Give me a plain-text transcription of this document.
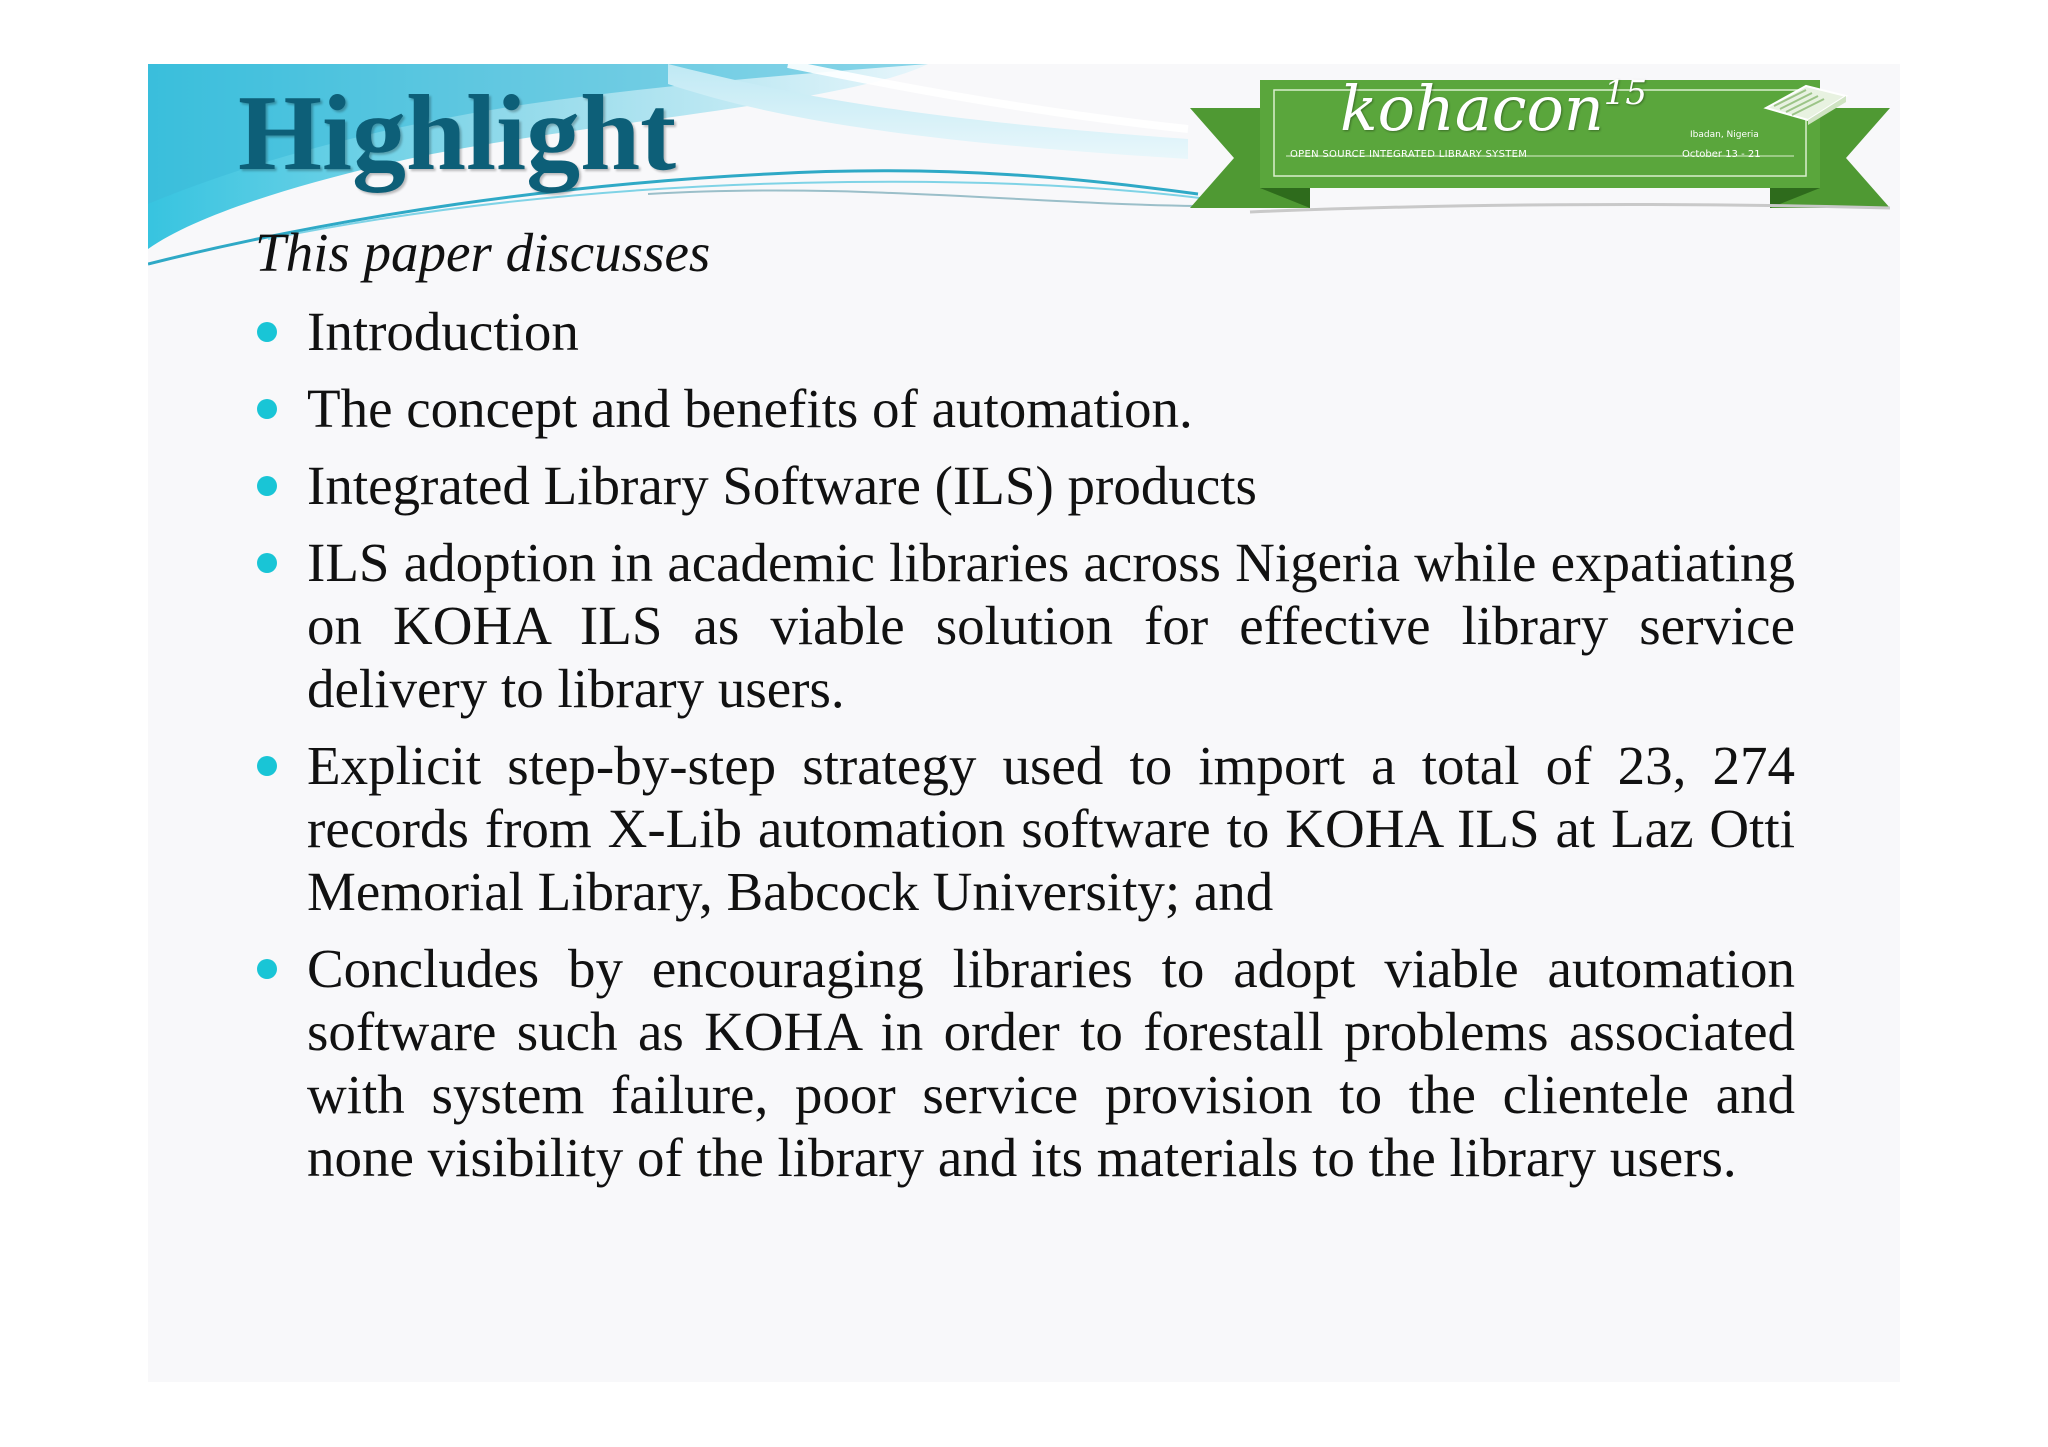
Highlight	kohacon$^{15}$
OPEN SOURCE INTEGRATED LIBRARY SYSTEM
Ibadan, Nigeria
October 13 - 21

This paper discusses

Introduction
The concept and benefits of automation.
Integrated Library Software (ILS) products
ILS adoption in academic libraries across Nigeria while expatiating on KOHA ILS as viable solution for effective library service delivery to library users.
Explicit step-by-step strategy used to import a total of 23, 274 records from X-Lib automation software to KOHA ILS at Laz Otti Memorial Library, Babcock University; and
Concludes by encouraging libraries to adopt viable automation software such as KOHA in order to forestall problems associated with system failure, poor service provision to the clientele and none visibility of the library and its materials to the library users.
